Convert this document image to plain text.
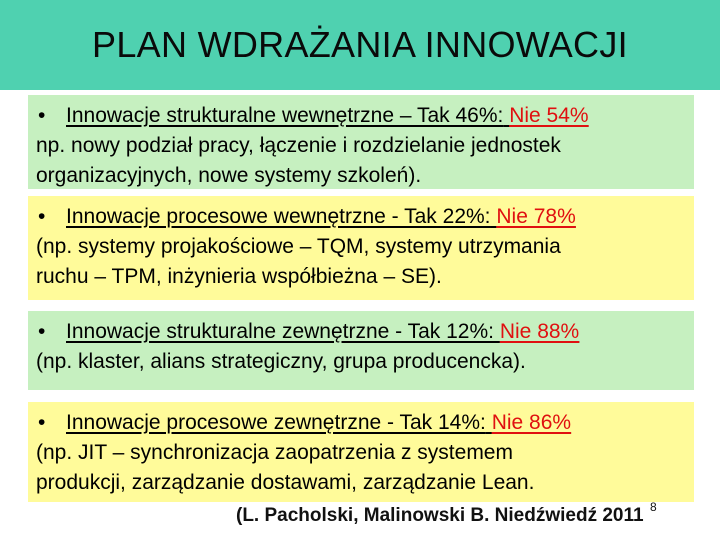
PLAN WDRAŻANIA INNOWACJI
• Innowacje strukturalne wewnętrzne – Tak 46%: Nie 54%
np. nowy podział pracy, łączenie i rozdzielanie jednostek
organizacyjnych, nowe systemy szkoleń).
• Innowacje procesowe wewnętrzne - Tak 22%: Nie 78%
(np. systemy projakościowe – TQM, systemy utrzymania
ruchu – TPM, inżynieria współbieżna – SE).
• Innowacje strukturalne zewnętrzne - Tak 12%: Nie 88%
(np. klaster, alians strategiczny, grupa producencka).
• Innowacje procesowe zewnętrzne - Tak 14%: Nie 86%
(np. JIT – synchronizacja zaopatrzenia z systemem
produkcji, zarządzanie dostawami, zarządzanie Lean.
(L. Pacholski, Malinowski B. Niedźwiedź 2011 8
